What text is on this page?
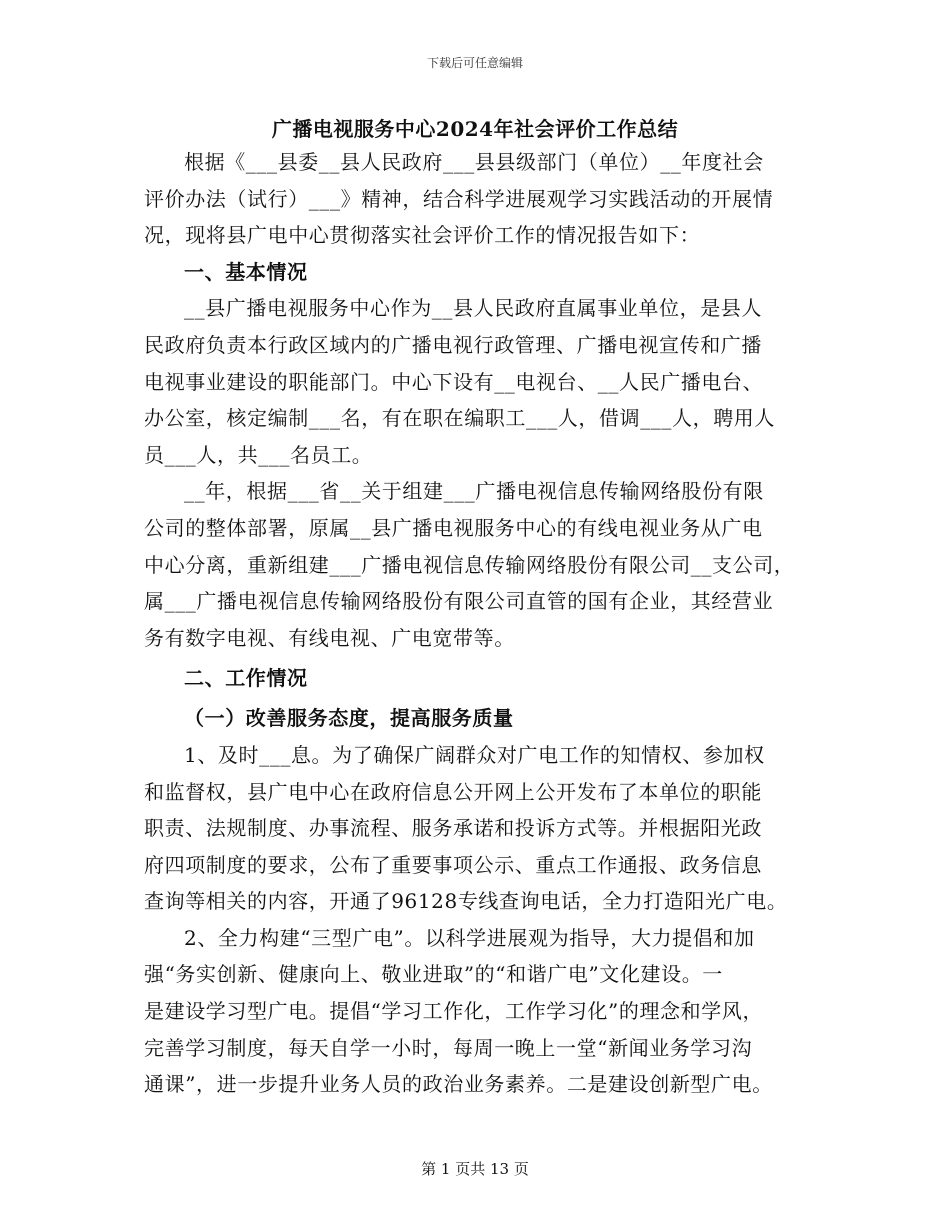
下载后可任意编辑
广播电视服务中心2024年社会评价工作总结
根据《___县委__县人民政府___县县级部门（单位）__年度社会
评价办法（试行）___》精神，结合科学进展观学习实践活动的开展情
况，现将县广电中心贯彻落实社会评价工作的情况报告如下：
一、基本情况
__县广播电视服务中心作为__县人民政府直属事业单位，是县人
民政府负责本行政区域内的广播电视行政管理、广播电视宣传和广播
电视事业建设的职能部门。中心下设有__电视台、__人民广播电台、
办公室，核定编制___名，有在职在编职工___人，借调___人，聘用人
员___人，共___名员工。
__年，根据___省__关于组建___广播电视信息传输网络股份有限
公司的整体部署，原属__县广播电视服务中心的有线电视业务从广电
中心分离，重新组建___广播电视信息传输网络股份有限公司__支公司，
属___广播电视信息传输网络股份有限公司直管的国有企业，其经营业
务有数字电视、有线电视、广电宽带等。
二、工作情况
（一）改善服务态度，提高服务质量
1、及时___息。为了确保广阔群众对广电工作的知情权、参加权
和监督权，县广电中心在政府信息公开网上公开发布了本单位的职能
职责、法规制度、办事流程、服务承诺和投诉方式等。并根据阳光政
府四项制度的要求，公布了重要事项公示、重点工作通报、政务信息
查询等相关的内容，开通了96128专线查询电话，全力打造阳光广电。
2、全力构建“三型广电”。以科学进展观为指导，大力提倡和加
强“务实创新、健康向上、敬业进取”的“和谐广电”文化建设。一
是建设学习型广电。提倡“学习工作化，工作学习化”的理念和学风，
完善学习制度，每天自学一小时，每周一晚上一堂“新闻业务学习沟
通课”，进一步提升业务人员的政治业务素养。二是建设创新型广电。
第 1 页共 13 页
